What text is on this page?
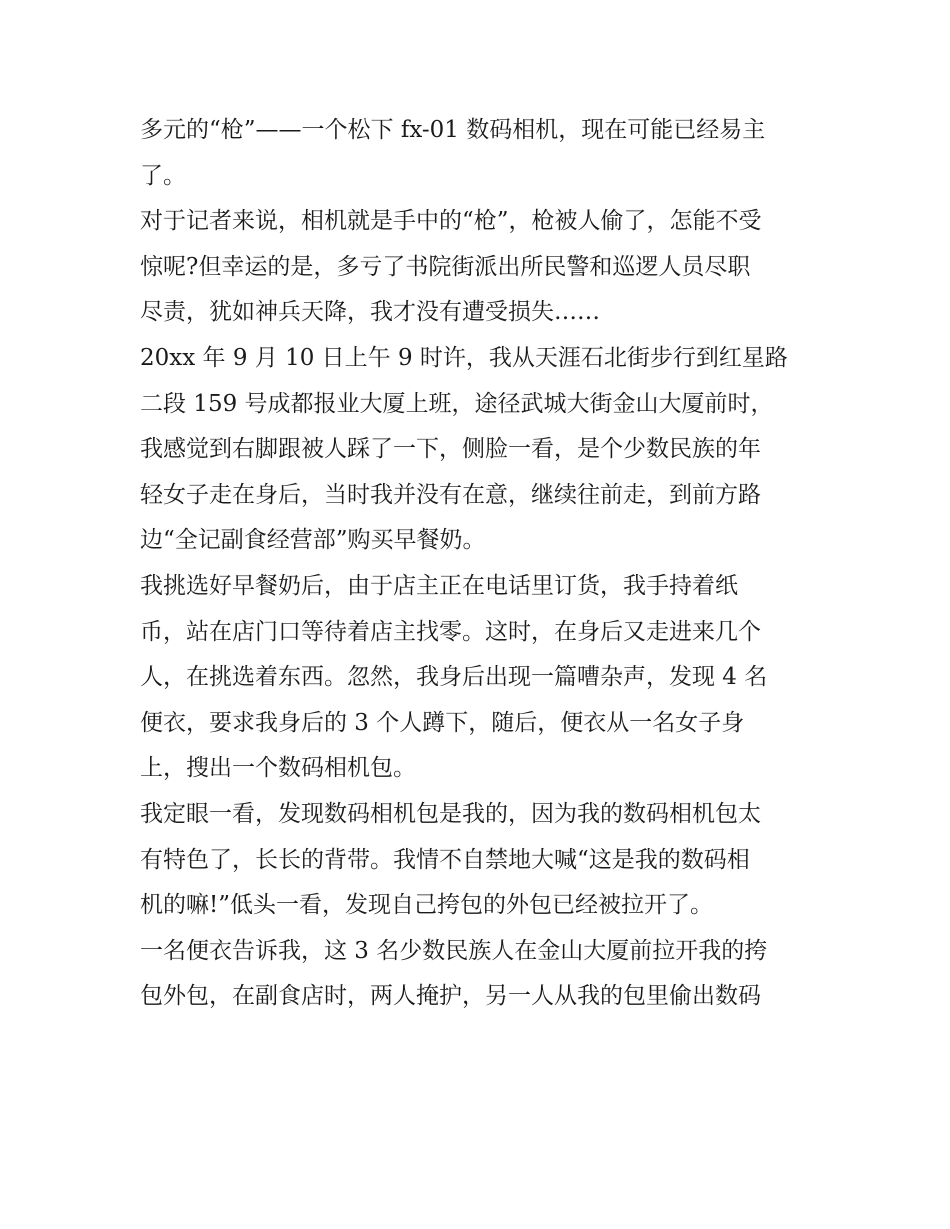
多元的“枪”——一个松下 fx-01 数码相机，现在可能已经易主
了。
对于记者来说，相机就是手中的“枪”，枪被人偷了，怎能不受
惊呢?但幸运的是，多亏了书院街派出所民警和巡逻人员尽职
尽责，犹如神兵天降，我才没有遭受损失……
20xx 年 9 月 10 日上午 9 时许，我从天涯石北街步行到红星路
二段 159 号成都报业大厦上班，途径武城大街金山大厦前时，
我感觉到右脚跟被人踩了一下，侧脸一看，是个少数民族的年
轻女子走在身后，当时我并没有在意，继续往前走，到前方路
边“全记副食经营部”购买早餐奶。
我挑选好早餐奶后，由于店主正在电话里订货，我手持着纸
币，站在店门口等待着店主找零。这时，在身后又走进来几个
人，在挑选着东西。忽然，我身后出现一篇嘈杂声，发现 4 名
便衣，要求我身后的 3 个人蹲下，随后，便衣从一名女子身
上，搜出一个数码相机包。
我定眼一看，发现数码相机包是我的，因为我的数码相机包太
有特色了，长长的背带。我情不自禁地大喊“这是我的数码相
机的嘛!”低头一看，发现自己挎包的外包已经被拉开了。
一名便衣告诉我，这 3 名少数民族人在金山大厦前拉开我的挎
包外包，在副食店时，两人掩护，另一人从我的包里偷出数码
